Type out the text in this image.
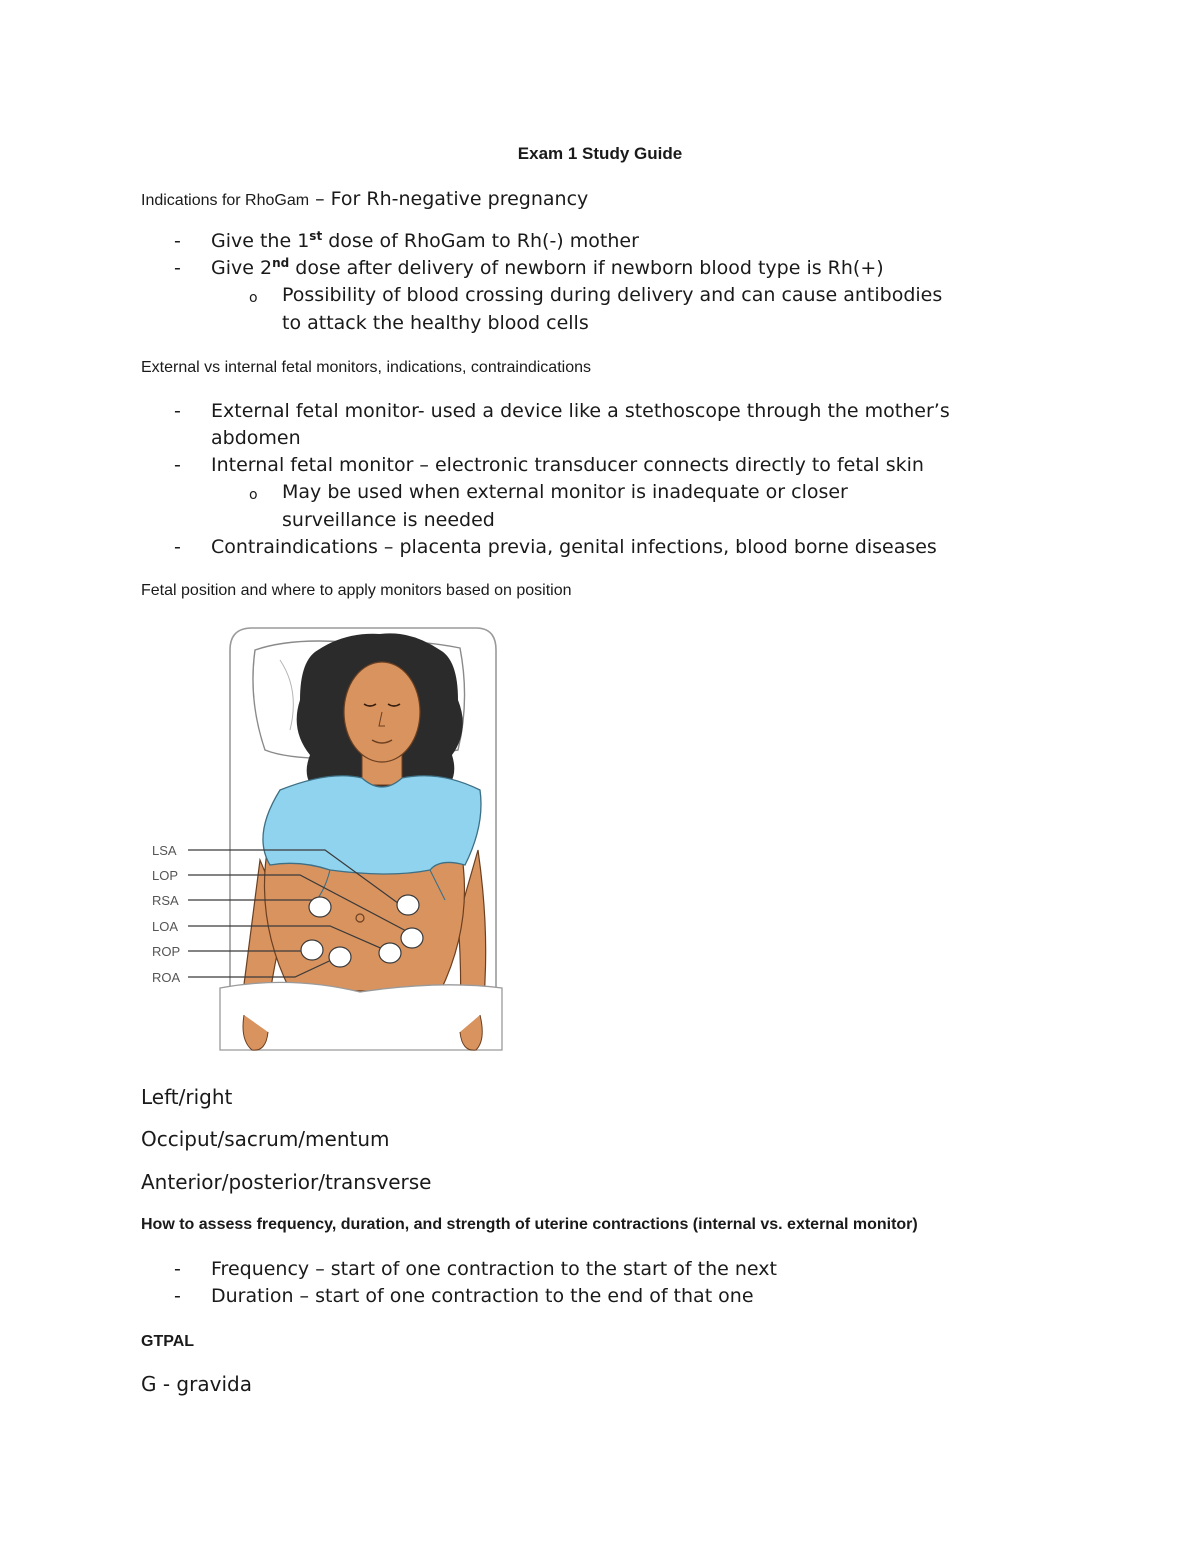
Exam 1 Study Guide
Indications for RhoGam – For Rh-negative pregnancy
- Give the 1st dose of RhoGam to Rh(-) mother
- Give 2nd dose after delivery of newborn if newborn blood type is Rh(+)
o Possibility of blood crossing during delivery and can cause antibodies
to attack the healthy blood cells
External vs internal fetal monitors, indications, contraindications
- External fetal monitor- used a device like a stethoscope through the mother’s
abdomen
- Internal fetal monitor – electronic transducer connects directly to fetal skin
o May be used when external monitor is inadequate or closer
surveillance is needed
- Contraindications – placenta previa, genital infections, blood borne diseases
Fetal position and where to apply monitors based on position
LSA
LOP
RSA
LOA
ROP
ROA
Left/right
Occiput/sacrum/mentum
Anterior/posterior/transverse
How to assess frequency, duration, and strength of uterine contractions (internal vs. external monitor)
- Frequency – start of one contraction to the start of the next
- Duration – start of one contraction to the end of that one
GTPAL
G - gravida
